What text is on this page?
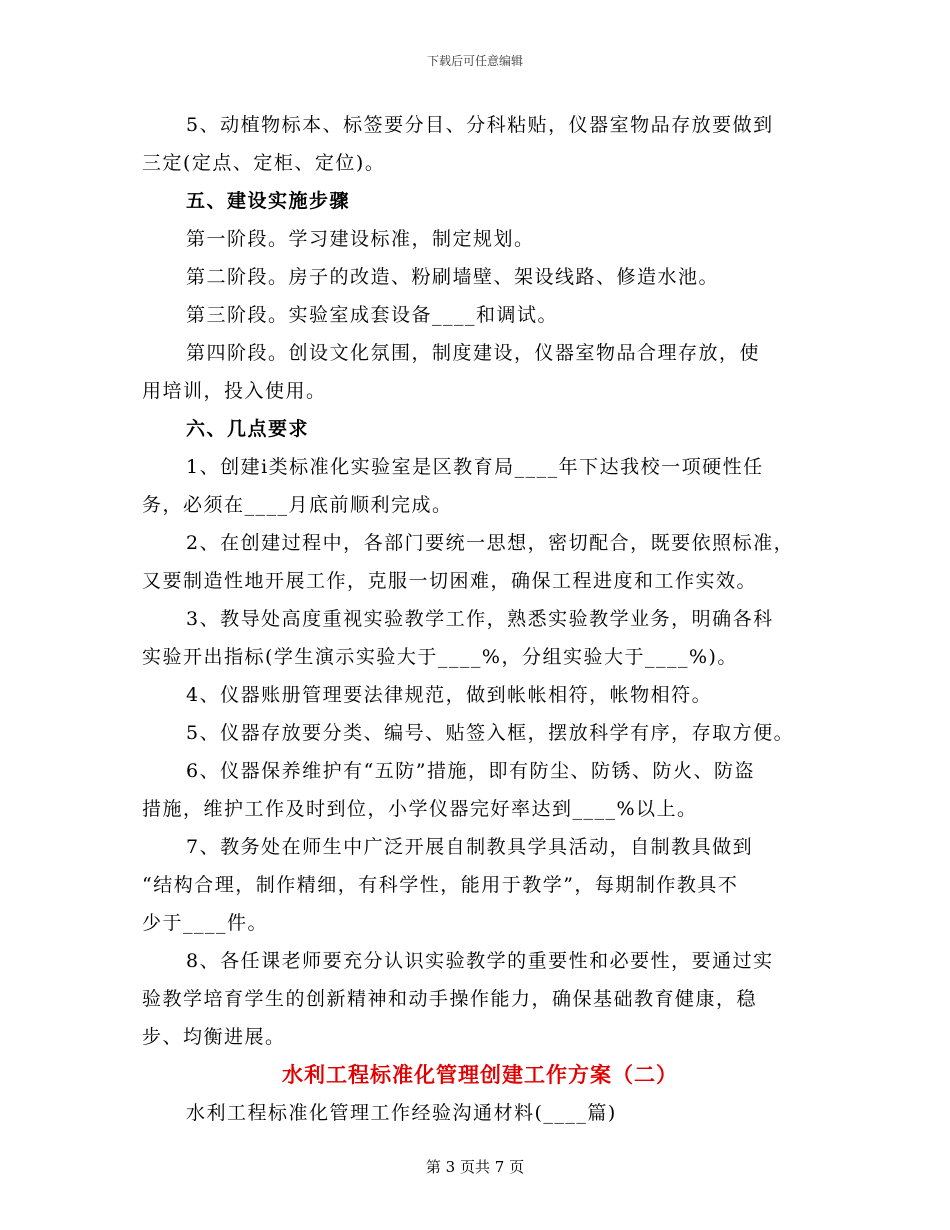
下载后可任意编辑
5、动植物标本、标签要分目、分科粘贴，仪器室物品存放要做到
三定(定点、定柜、定位)。
五、建设实施步骤
第一阶段。学习建设标准，制定规划。
第二阶段。房子的改造、粉刷墙壁、架设线路、修造水池。
第三阶段。实验室成套设备____和调试。
第四阶段。创设文化氛围，制度建设，仪器室物品合理存放，使
用培训，投入使用。
六、几点要求
1、创建ⅰ类标准化实验室是区教育局____年下达我校一项硬性任
务，必须在____月底前顺利完成。
2、在创建过程中，各部门要统一思想，密切配合，既要依照标准，
又要制造性地开展工作，克服一切困难，确保工程进度和工作实效。
3、教导处高度重视实验教学工作，熟悉实验教学业务，明确各科
实验开出指标(学生演示实验大于____%，分组实验大于____%)。
4、仪器账册管理要法律规范，做到帐帐相符，帐物相符。
5、仪器存放要分类、编号、贴签入框，摆放科学有序，存取方便。
6、仪器保养维护有“五防”措施，即有防尘、防锈、防火、防盗
措施，维护工作及时到位，小学仪器完好率达到____%以上。
7、教务处在师生中广泛开展自制教具学具活动，自制教具做到
“结构合理，制作精细，有科学性，能用于教学”，每期制作教具不
少于____件。
8、各任课老师要充分认识实验教学的重要性和必要性，要通过实
验教学培育学生的创新精神和动手操作能力，确保基础教育健康，稳
步、均衡进展。
水利工程标准化管理创建工作方案（二）
水利工程标准化管理工作经验沟通材料(____篇)
第 3 页共 7 页
